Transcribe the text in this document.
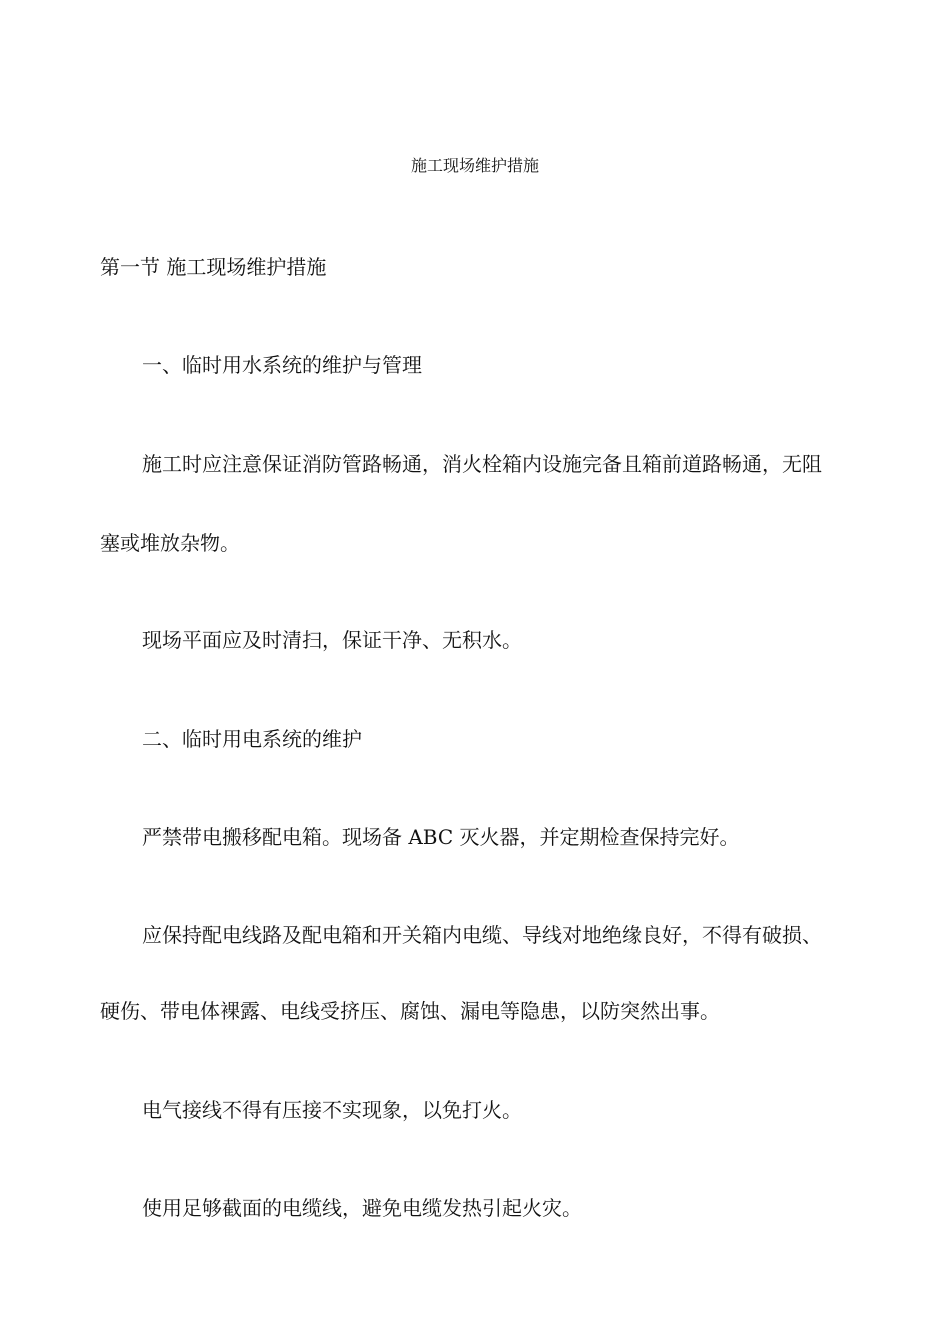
施工现场维护措施
第一节 施工现场维护措施
一、临时用水系统的维护与管理

施工时应注意保证消防管路畅通，消火栓箱内设施完备且箱前道路畅通，无阻

塞或堆放杂物。

现场平面应及时清扫，保证干净、无积水。

二、临时用电系统的维护

严禁带电搬移配电箱。现场备 ABC 灭火器，并定期检查保持完好。

应保持配电线路及配电箱和开关箱内电缆、导线对地绝缘良好，不得有破损、

硬伤、带电体裸露、电线受挤压、腐蚀、漏电等隐患，以防突然出事。

电气接线不得有压接不实现象，以免打火。

使用足够截面的电缆线，避免电缆发热引起火灾。
